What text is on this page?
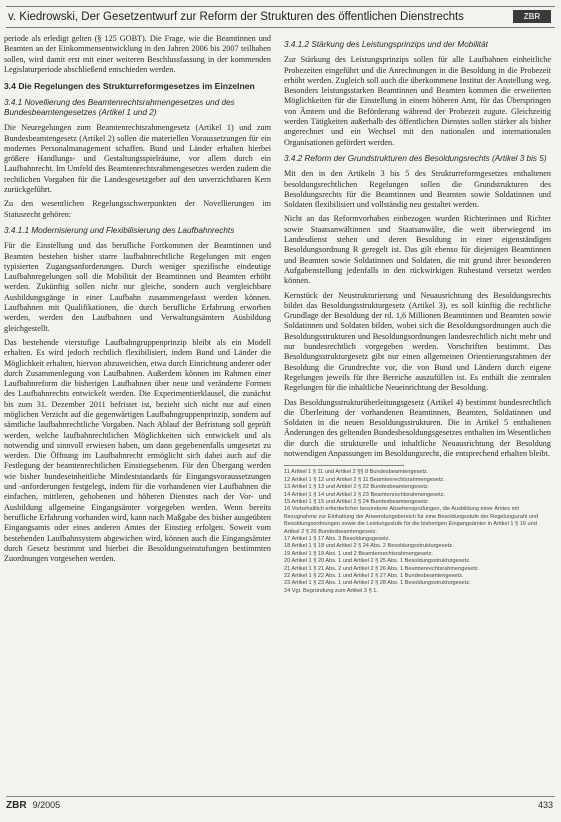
v. Kiedrowski, Der Gesetzentwurf zur Reform der Strukturen des öffentlichen Dienstrechts	ZBR
periode als erledigt gelten (§ 125 GOBT). Die Frage, wie die Beamtinnen und Beamten an der Einkommensentwicklung in den Jahren 2006 bis 2007 teilhaben sollen, wird damit erst mit einer weiteren Beschlussfassung in der kommenden Legislaturperiode abschließend entschieden werden.
3.4 Die Regelungen des Strukturreformgesetzes im Einzelnen
3.4.1 Novellierung des Beamtenrechtsrahmengesetzes und des Bundesbeamtengesetzes (Artikel 1 und 2)
Die Neuregelungen zum Beamtenrechtsrahmengesetz (Artikel 1) und zum Bundesbeamtengesetz (Artikel 2) sollen die materiellen Voraussetzungen für ein modernes Personalmanagement schaffen. Bund und Länder erhalten hierbei größere Handlungs- und Gestaltungsspielräume, vor allem durch ein Laufbahnrecht. Im Umfeld des Beamtenrechtsrahmengesetzes werden zudem die rechtlichen Vorgaben für die Landesgesetzgeber auf den unverzichtbaren Kern zurückgeführt.
Zu den wesentlichen Regelungsschwerpunkten der Novellierungen im Statusrecht gehören:
3.4.1.1 Modernisierung und Flexibilisierung des Laufbahnrechts
Für die Einstellung und das berufliche Fortkommen der Beamtinnen und Beamten bestehen bisher starre laufbahnrechtliche Regelungen mit engen typisierten Zugangsanforderungen. Durch weniger spezifische eindeutige Laufbahnregelungen soll die Mobilität der Beamtinnen und Beamten erhöht werden. Zukünftig sollen nicht nur gleiche, sondern auch vergleichbare Ausbildungsgänge in einer Laufbahn zusammengefasst werden können. Laufbahnen mit Qualifikationen, die durch berufliche Erfahrung erworben werden, werden den Laufbahnen und Verwaltungsämtern Ausbildung gleichgestellt.
Das bestehende vierstufige Laufbahngruppenprinzip bleibt als ein Modell erhalten. Es wird jedoch rechtlich flexibilisiert, indem Bund und Länder die Möglichkeit erhalten, hiervon abzuweichen, etwa durch Einrichtung anderer oder durch Zusammenlegung von Laufbahnen. Außerdem können im Rahmen einer Laufbahnreform die bisherigen Laufbahnen über neue und veränderte Formen des Laufbahnrechts entwickelt werden. Die Experimentierklausel, die zunächst bis zum 31. Dezember 2011 befristet ist, bezieht sich nicht nur auf einen möglichen Verzicht auf die gegenwärtigen Laufbahngruppenprinzip, sondern auf sämtliche laufbahnrechtliche Vorgaben. Nach Ablauf der Befristung soll geprüft werden, welche laufbahnrechtlichen Möglichkeiten sich entwickelt und als notwendig und sinnvoll erwiesen haben, um dann gegebenenfalls umgesetzt zu werden. Die Öffnung im Laufbahnrecht ermöglicht sich dabei auch auf die Festlegung der beamtenrechtlichen Einstiegsebenen. Für den Übergang werden wie bisher bundeseinheitliche Mindeststandards für Eingangsvoraussetzungen und -anforderungen festgelegt, indem für die vorhandenen vier Laufbahnen die einfachen, mittleren, gehobenen und höheren Dienstes nach der Vor- und Ausbildung allgemeine Eingangsämter vorgegeben werden. Wenn bereits berufliche Erfahrung vorhanden wird, kann nach Maßgabe des bisher ausgeübten Eingangsamts oder eines anderen Amtes der Einstieg erfolgen. Soweit vom bestehenden Laufbahnsystem abgewichen wird, können auch die Eingangsämter durch Gesetz bestimmt und hierbei die Besoldungseinstufungen bestimmten Zuordnungen vorgesehen werden.
3.4.1.2 Stärkung des Leistungsprinzips und der Mobilität
Zur Stärkung des Leistungsprinzips sollen für alle Laufbahnen einheitliche Probezeiten eingeführt und die Anrechnungen in die Besoldung in die Probezeit erhöht werden. Zugleich soll auch die überkommene Institut der Anstellung weg. Besonders leistungsstarken Beamtinnen und Beamten kommen die erweiterten Möglichkeiten für die Einstellung in einem höheren Amt, für das Überspringen von Ämtern und die Beförderung während der Probezeit zugute. Gleichzeitig werden Tätigkeiten außerhalb des öffentlichen Dienstes sollen stärker als bisher angerechnet und ein Wechsel mit den nationalen und internationalen Organisationen gefördert werden.
3.4.2 Reform der Grundstrukturen des Besoldungsrechts (Artikel 3 bis 5)
Mit den in den Artikeln 3 bis 5 des Strukturreformgesetzes enthaltenen besoldungsrechtlichen Regelungen sollen die Grundstrukturen des Besoldungsrechts für die Beamtinnen und Beamten sowie Soldatinnen und Soldaten flexibilisiert und vollständig neu gestaltet werden.
Nicht an das Reformvorhaben einbezogen wurden Richterinnen und Richter sowie Staatsanwältinnen und Staatsanwälte, die weit überwiegend im Landesdienst stehen und deren Besoldung in einer eigenständigen Besoldungsordnung R geregelt ist. Das gilt ebenso für diejenigen Beamtinnen und Beamten sowie Soldatinnen und Soldaten, die mit grund ihrer besonderen Aufgabenstellung jedenfalls in den rückwirkigen Ruhestand versetzt werden können.
Kernstück der Neustrukturierung und Neuausrichtung des Besoldungsrechts bildet das Besoldungsstrukturgesetz (Artikel 3), es soll künftig die rechtliche Grundlage der Besoldung der rd. 1,6 Millionen Beamtinnen und Beamten sowie Soldatinnen und Soldaten bilden, wobei sich die Besoldungsordnungen auch die Besoldungsstrukturen und Besoldungsordnungen landesrechtlich nicht mehr und nur bundesrechtlich vorgegeben werden. Vorschriften bestimmt. Das Besoldungsstrukturgesetz gibt nur einen allgemeinen Orientierungsrahmen der Besoldung die Grundrechte vor, die von Bund und Ländern durch eigene Regelungen jeweils für ihre Bereiche auszufüllen ist. Es enthält die zentralen Regelungen für die inhaltliche Neueinrichtung der Besoldung.
Das Besoldungsstrukturüberleitungsgesetz (Artikel 4) bestimmt bundesrechtlich die Überleitung der vorhandenen Beamtinnen, Beamten, Soldatinnen und Soldaten in die neuen Besoldungsstrukturen. Die in Artikel 5 enthaltenen Änderungen des geltenden Bundesbesoldungsgesetzes enthalten im Wesentlichen die durch die strukturelle und inhaltliche Neuausrichtung der Besoldung notwendigen Anpassungen im Besoldungsrecht, die entsprechend erhalten bleibt.
11 Artikel 1 § 11 und Artikel 2 §§ 8 Bundesbeamtengesetz.
12 Artikel 1 § 12 und Artikel 2 § 11 Beamtenrechtsrahmengesetz.
13 Artikel 1 § 13 und Artikel 2 § 22 Bundesbeamtengesetz.
14 Artikel 1 § 14 und Artikel 2 § 23 Beamtenrechtsrahmengesetz.
15 Artikel 1 § 15 und Artikel 2 § 24 Bundesbeamtengesetz.
16 Vorbehaltlich erforderlicher besonderer Absehensprüfungen, die Ausbildung einer Amtes mit Bezugnahme zur Einhaltung der Anwendungsbereich für eine Besoldungsstufe der Regelungszahl und Besoldungsordnungen sowie die Leistungsstufe für die bisherigen Eingangsämter in Artikel 1 § 16 und Artikel 2 § 26 Bundesbeamtengesetz.
17 Artikel 1 § 17 Abs. 3 Besoldungsgesetz.
18 Artikel 1 § 18 und Artikel 2 § 24 Abs. 2 Besoldungsstrukturgesetz.
19 Artikel 1 § 19 Abs. 1 und 2 Beamtenrechtsrahmengesetz.
20 Artikel 1 § 20 Abs. 1 und Artikel 2 § 25 Abs. 1 Besoldungsstrukturgesetz.
21 Artikel 1 § 21 Abs. 2 und Artikel 2 § 26 Abs. 1 Beamtenrechtsrahmengesetz.
22 Artikel 1 § 22 Abs. 1 und Artikel 2 § 27 Abs. 1 Bundesbeamtengesetz.
23 Artikel 1 § 23 Abs. 1 und Artikel 2 § 28 Abs. 1 Besoldungsstrukturgesetz.
24 Vgl. Begründung zum Artikel 3 § 1.
ZBR 9/2005	433
